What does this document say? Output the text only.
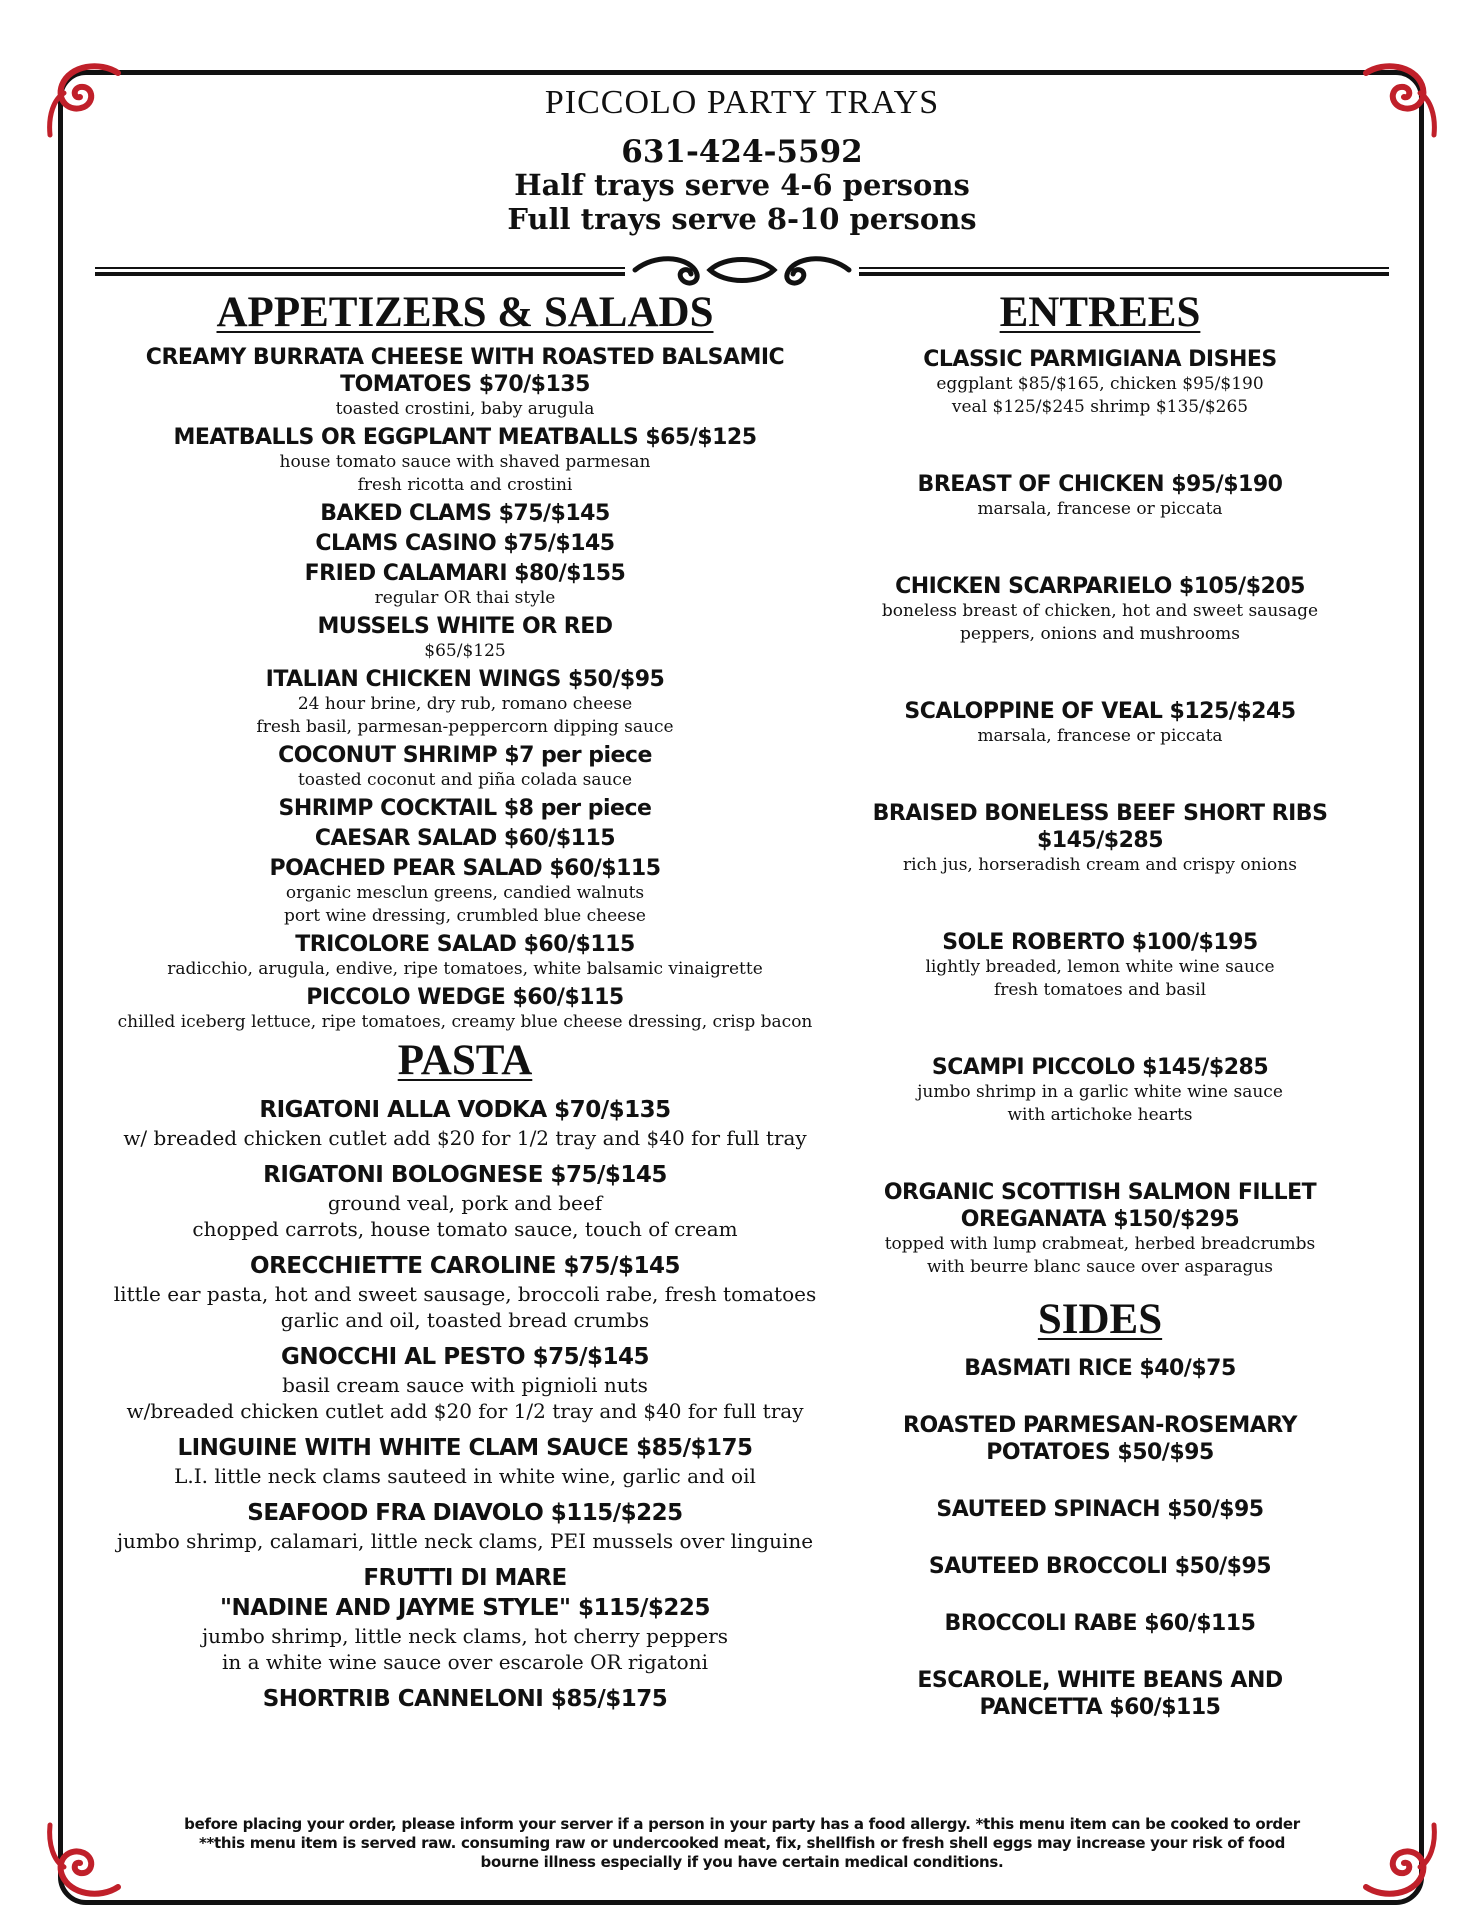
PICCOLO PARTY TRAYS
631-424-5592
Half trays serve 4-6 persons
Full trays serve 8-10 persons
APPETIZERS & SALADS
CREAMY BURRATA CHEESE WITH ROASTED BALSAMIC TOMATOES $70/$135
toasted crostini, baby arugula
MEATBALLS OR EGGPLANT MEATBALLS $65/$125
house tomato sauce with shaved parmesan
fresh ricotta and crostini
BAKED CLAMS $75/$145
CLAMS CASINO $75/$145
FRIED CALAMARI $80/$155
regular OR thai style
MUSSELS WHITE OR RED
$65/$125
ITALIAN CHICKEN WINGS $50/$95
24 hour brine, dry rub, romano cheese
fresh basil, parmesan-peppercorn dipping sauce
COCONUT SHRIMP $7 per piece
toasted coconut and piña colada sauce
SHRIMP COCKTAIL $8 per piece
CAESAR SALAD $60/$115
POACHED PEAR SALAD $60/$115
organic mesclun greens, candied walnuts
port wine dressing, crumbled blue cheese
TRICOLORE SALAD $60/$115
radicchio, arugula, endive, ripe tomatoes, white balsamic vinaigrette
PICCOLO WEDGE $60/$115
chilled iceberg lettuce, ripe tomatoes, creamy blue cheese dressing, crisp bacon
PASTA
RIGATONI ALLA VODKA $70/$135
w/ breaded chicken cutlet add $20 for 1/2 tray and $40 for full tray
RIGATONI BOLOGNESE $75/$145
ground veal, pork and beef
chopped carrots, house tomato sauce, touch of cream
ORECCHIETTE CAROLINE $75/$145
little ear pasta, hot and sweet sausage, broccoli rabe, fresh tomatoes
garlic and oil, toasted bread crumbs
GNOCCHI AL PESTO $75/$145
basil cream sauce with pignioli nuts
w/breaded chicken cutlet add $20 for 1/2 tray and $40 for full tray
LINGUINE WITH WHITE CLAM SAUCE $85/$175
L.I. little neck clams sauteed in white wine, garlic and oil
SEAFOOD FRA DIAVOLO $115/$225
jumbo shrimp, calamari, little neck clams, PEI mussels over linguine
FRUTTI DI MARE
"NADINE AND JAYME STYLE" $115/$225
jumbo shrimp, little neck clams, hot cherry peppers
in a white wine sauce over escarole OR rigatoni
SHORTRIB CANNELONI $85/$175
ENTREES
CLASSIC PARMIGIANA DISHES
eggplant $85/$165, chicken $95/$190
veal $125/$245 shrimp $135/$265
BREAST OF CHICKEN $95/$190
marsala, francese or piccata
CHICKEN SCARPARIELO $105/$205
boneless breast of chicken, hot and sweet sausage
peppers, onions and mushrooms
SCALOPPINE OF VEAL $125/$245
marsala, francese or piccata
BRAISED BONELESS BEEF SHORT RIBS
$145/$285
rich jus, horseradish cream and crispy onions
SOLE ROBERTO $100/$195
lightly breaded, lemon white wine sauce
fresh tomatoes and basil
SCAMPI PICCOLO $145/$285
jumbo shrimp in a garlic white wine sauce
with artichoke hearts
ORGANIC SCOTTISH SALMON FILLET
OREGANATA $150/$295
topped with lump crabmeat, herbed breadcrumbs
with beurre blanc sauce over asparagus
SIDES
BASMATI RICE $40/$75
ROASTED PARMESAN-ROSEMARY
POTATOES $50/$95
SAUTEED SPINACH $50/$95
SAUTEED BROCCOLI $50/$95
BROCCOLI RABE $60/$115
ESCAROLE, WHITE BEANS AND
PANCETTA $60/$115
before placing your order, please inform your server if a person in your party has a food allergy. *this menu item can be cooked to order
**this menu item is served raw. consuming raw or undercooked meat, fix, shellfish or fresh shell eggs may increase your risk of food
bourne illness especially if you have certain medical conditions.
